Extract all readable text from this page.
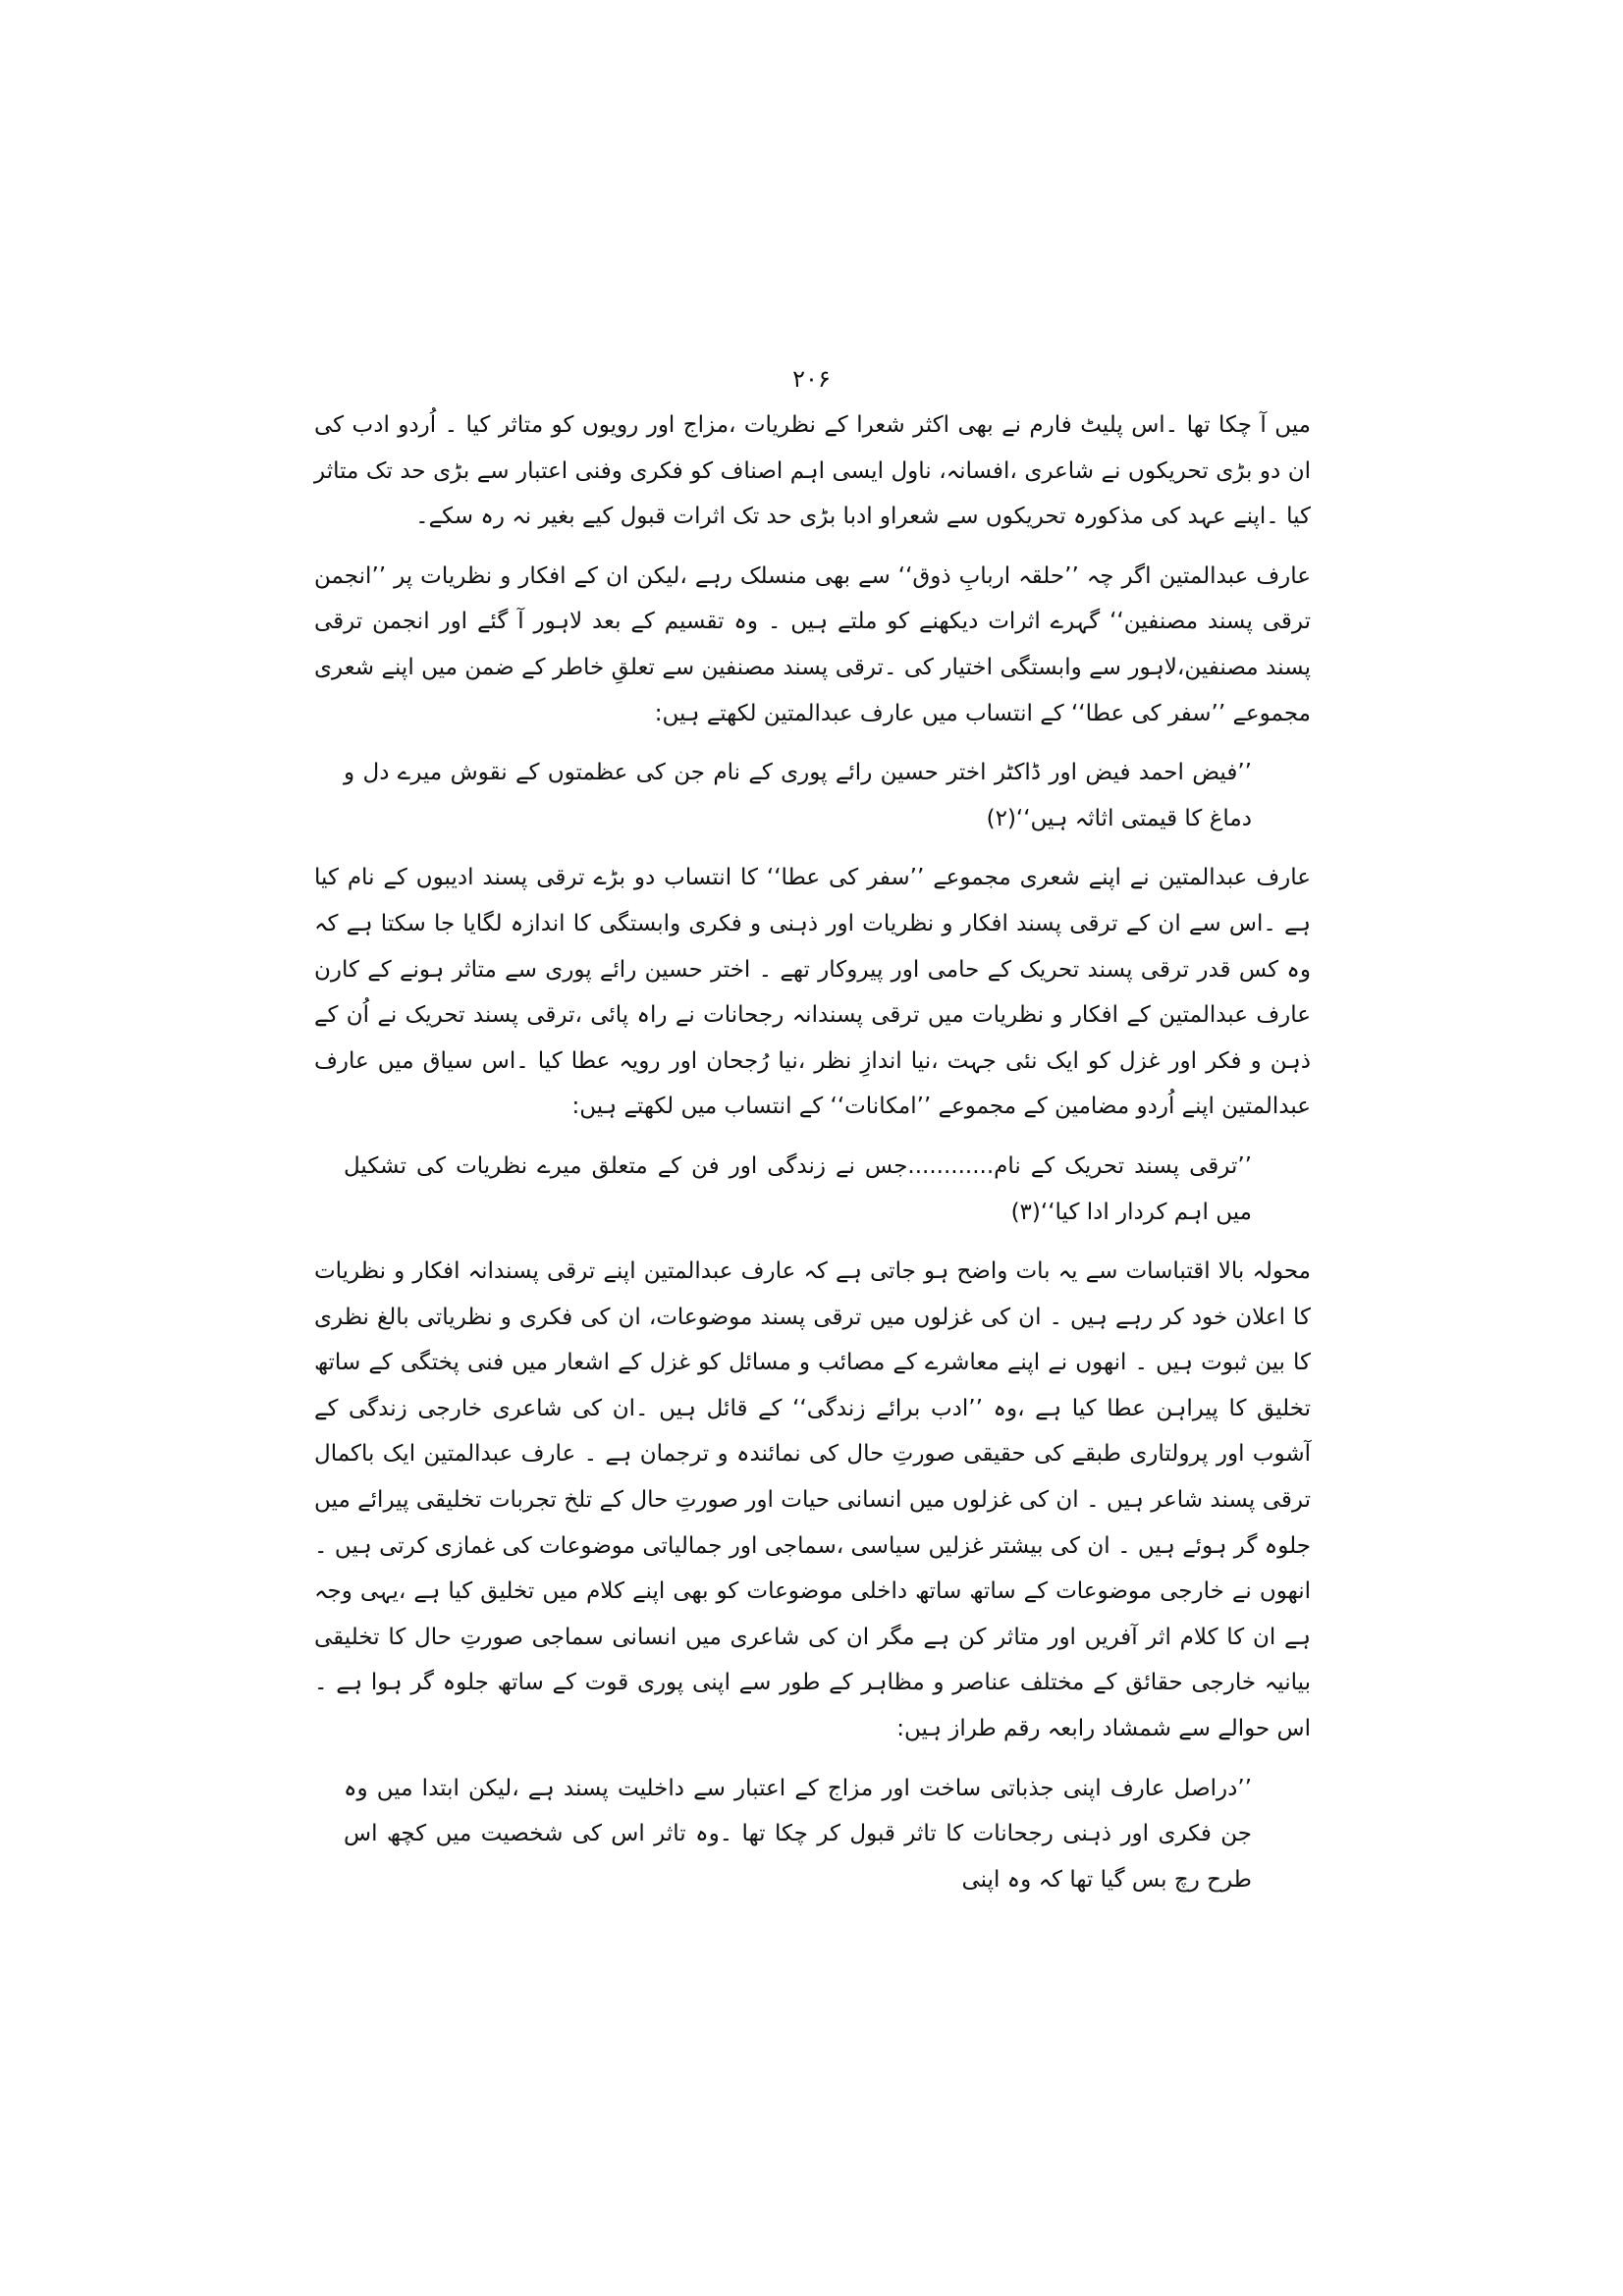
۲۰۶

میں آ چکا تھا ۔اس پلیٹ فارم نے بھی اکثر شعرا کے نظریات ،مزاج اور رویوں کو متاثر کیا ۔ اُردو ادب کی ان دو بڑی تحریکوں نے شاعری ،افسانہ، ناول ایسی اہم اصناف کو فکری وفنی اعتبار سے بڑی حد تک متاثر کیا ۔اپنے عہد کی مذکورہ تحریکوں سے شعراو ادبا بڑی حد تک اثرات قبول کیے بغیر نہ رہ سکے۔

عارف عبدالمتین اگر چہ ’’حلقہ اربابِ ذوق‘‘ سے بھی منسلک رہے ،لیکن ان کے افکار و نظریات پر ’’انجمن ترقی پسند مصنفین‘‘ گہرے اثرات دیکھنے کو ملتے ہیں ۔ وہ تقسیم کے بعد لاہور آ گئے اور انجمن ترقی پسند مصنفین،لاہور سے وابستگی اختیار کی ۔ترقی پسند مصنفین سے تعلقِ خاطر کے ضمن میں اپنے شعری مجموعے ’’سفر کی عطا‘‘ کے انتساب میں عارف عبدالمتین لکھتے ہیں:

’’فیض احمد فیض اور ڈاکٹر اختر حسین رائے پوری کے نام جن کی عظمتوں کے نقوش میرے دل و دماغ کا قیمتی اثاثہ ہیں‘‘(۲)

عارف عبدالمتین نے اپنے شعری مجموعے ’’سفر کی عطا‘‘ کا انتساب دو بڑے ترقی پسند ادیبوں کے نام کیا ہے ۔اس سے ان کے ترقی پسند افکار و نظریات اور ذہنی و فکری وابستگی کا اندازہ لگایا جا سکتا ہے کہ وہ کس قدر ترقی پسند تحریک کے حامی اور پیروکار تھے ۔ اختر حسین رائے پوری سے متاثر ہونے کے کارن عارف عبدالمتین کے افکار و نظریات میں ترقی پسندانہ رجحانات نے راہ پائی ،ترقی پسند تحریک نے اُن کے ذہن و فکر اور غزل کو ایک نئی جہت ،نیا اندازِ نظر ،نیا رُجحان اور رویہ عطا کیا ۔اس سیاق میں عارف عبدالمتین اپنے اُردو مضامین کے مجموعے ’’امکانات‘‘ کے انتساب میں لکھتے ہیں:

’’ترقی پسند تحریک کے نام............جس نے زندگی اور فن کے متعلق میرے نظریات کی تشکیل میں اہم کردار ادا کیا‘‘(۳)

محولہ بالا اقتباسات سے یہ بات واضح ہو جاتی ہے کہ عارف عبدالمتین اپنے ترقی پسندانہ افکار و نظریات کا اعلان خود کر رہے ہیں ۔ ان کی غزلوں میں ترقی پسند موضوعات، ان کی فکری و نظریاتی بالغ نظری کا بین ثبوت ہیں ۔ انھوں نے اپنے معاشرے کے مصائب و مسائل کو غزل کے اشعار میں فنی پختگی کے ساتھ تخلیق کا پیراہن عطا کیا ہے ،وہ ’’ادب برائے زندگی‘‘ کے قائل ہیں ۔ان کی شاعری خارجی زندگی کے آشوب اور پرولتاری طبقے کی حقیقی صورتِ حال کی نمائندہ و ترجمان ہے ۔ عارف عبدالمتین ایک باکمال ترقی پسند شاعر ہیں ۔ ان کی غزلوں میں انسانی حیات اور صورتِ حال کے تلخ تجربات تخلیقی پیرائے میں جلوہ گر ہوئے ہیں ۔ ان کی بیشتر غزلیں سیاسی ،سماجی اور جمالیاتی موضوعات کی غمازی کرتی ہیں ۔ انھوں نے خارجی موضوعات کے ساتھ ساتھ داخلی موضوعات کو بھی اپنے کلام میں تخلیق کیا ہے ،یہی وجہ ہے ان کا کلام اثر آفریں اور متاثر کن ہے مگر ان کی شاعری میں انسانی سماجی صورتِ حال کا تخلیقی بیانیہ خارجی حقائق کے مختلف عناصر و مظاہر کے طور سے اپنی پوری قوت کے ساتھ جلوہ گر ہوا ہے ۔اس حوالے سے شمشاد رابعہ رقم طراز ہیں:

’’دراصل عارف اپنی جذباتی ساخت اور مزاج کے اعتبار سے داخلیت پسند ہے ،لیکن ابتدا میں وہ جن فکری اور ذہنی رجحانات کا تاثر قبول کر چکا تھا ۔وہ تاثر اس کی شخصیت میں کچھ اس طرح رچ بس گیا تھا کہ وہ اپنی
